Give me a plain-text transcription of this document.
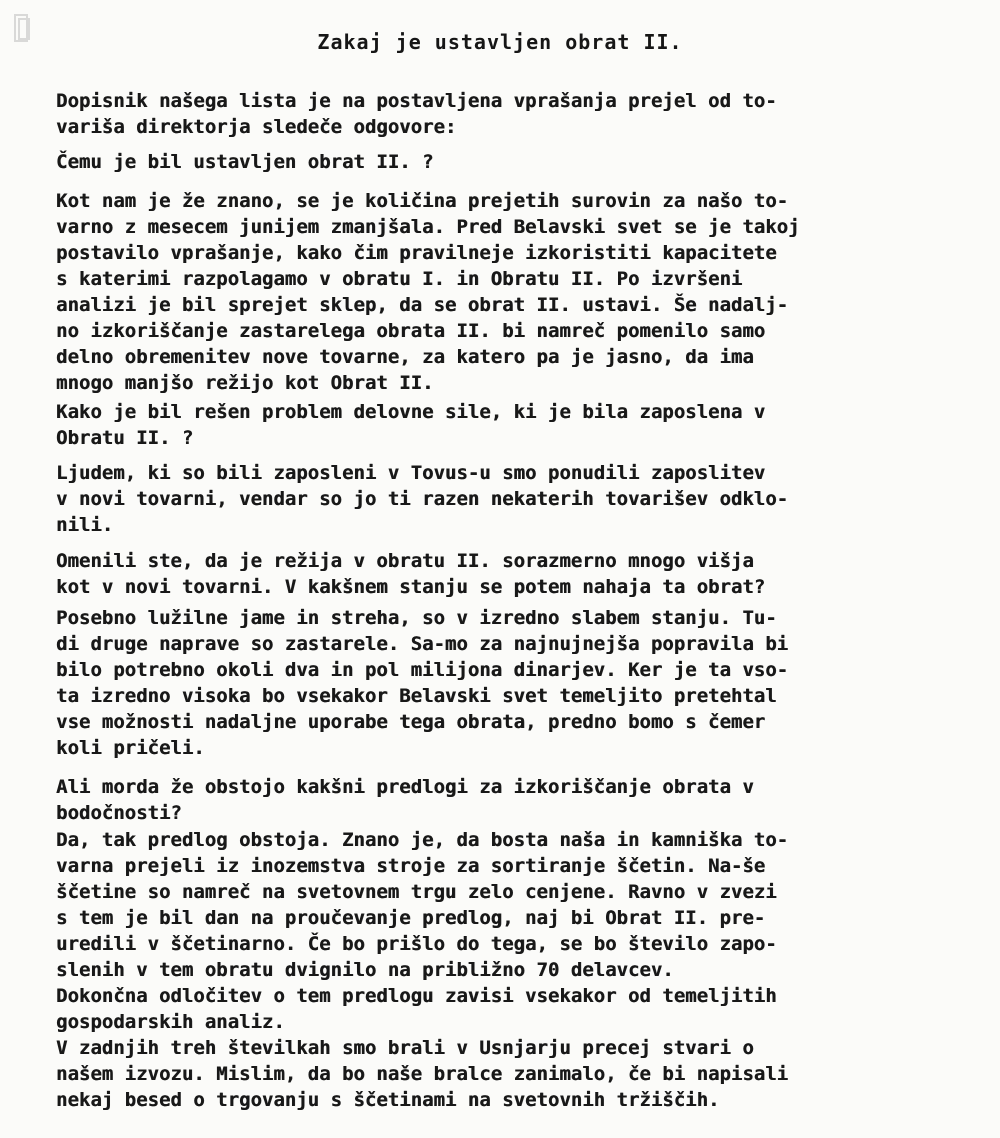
Zakaj je ustavljen obrat II.

Dopisnik našega lista je na postavljena vprašanja prejel od to-
variša direktorja sledeče odgovore:

Čemu je bil ustavljen obrat II. ?

Kot nam je že znano, se je količina prejetih surovin za našo to-
varno z mesecem junijem zmanjšala. Pred Belavski svet se je takoj
postavilo vprašanje, kako čim pravilneje izkoristiti kapacitete
s katerimi razpolagamo v obratu I. in Obratu II. Po izvršeni
analizi je bil sprejet sklep, da se obrat II. ustavi. Še nadalj-
no izkoriščanje zastarelega obrata II. bi namreč pomenilo samo
delno obremenitev nove tovarne, za katero pa je jasno, da ima
mnogo manjšo režijo kot Obrat II.

Kako je bil rešen problem delovne sile, ki je bila zaposlena v
Obratu II. ?

Ljudem, ki so bili zaposleni v Tovus-u smo ponudili zaposlitev
v novi tovarni, vendar so jo ti razen nekaterih tovarišev odklo-
nili.

Omenili ste, da je režija v obratu II. sorazmerno mnogo višja
kot v novi tovarni. V kakšnem stanju se potem nahaja ta obrat?

Posebno lužilne jame in streha, so v izredno slabem stanju. Tu-
di druge naprave so zastarele. Sa-mo za najnujnejša popravila bi
bilo potrebno okoli dva in pol milijona dinarjev. Ker je ta vso-
ta izredno visoka bo vsekakor Belavski svet temeljito pretehtal
vse možnosti nadaljne uporabe tega obrata, predno bomo s čemer
koli pričeli.

Ali morda že obstojo kakšni predlogi za izkoriščanje obrata v
bodočnosti?

Da, tak predlog obstoja. Znano je, da bosta naša in kamniška to-
varna prejeli iz inozemstva stroje za sortiranje ščetin. Na-še
ščetine so namreč na svetovnem trgu zelo cenjene. Ravno v zvezi
s tem je bil dan na proučevanje predlog, naj bi Obrat II. pre-
uredili v ščetinarno. Če bo prišlo do tega, se bo število zapo-
slenih v tem obratu dvignilo na približno 70 delavcev.

Dokončna odločitev o tem predlogu zavisi vsekakor od temeljitih
gospodarskih analiz.
V zadnjih treh številkah smo brali v Usnjarju precej stvari o
našem izvozu. Mislim, da bo naše bralce zanimalo, če bi napisali
nekaj besed o trgovanju s ščetinami na svetovnih tržiščih.
